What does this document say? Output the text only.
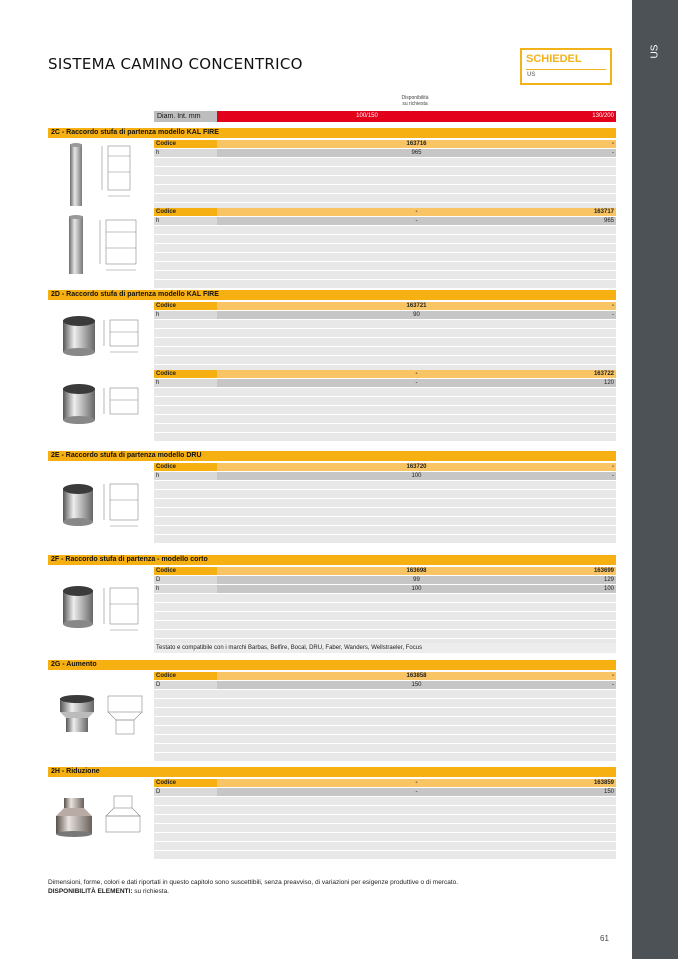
US
SISTEMA CAMINO CONCENTRICO	SCHIEDEL
US
Disponibilità
su richiesta
Diam. Int. mm	100/150	130/200
2C - Raccordo stufa di partenza modello KAL FIRE
Codice	163716	-
h	965	-
Codice	-	163717
h	-	965
2D - Raccordo stufa di partenza modello KAL FIRE
Codice	163721	-
h	90	-
Codice	-	163722
h	-	120
2E - Raccordo stufa di partenza modello DRU
Codice	163720	-
h	100	-
2F - Raccordo stufa di partenza - modello corto
Codice	163698	163699
D	99	129
h	100	100
Testato e compatibile con i marchi Barbas, Belfire, Bocal, DRU, Faber, Wanders, Wellstraeler, Focus
2G - Aumento
Codice	163858	-
D	150	-
2H - Riduzione
Codice	-	163859
D	-	150
Dimensioni, forme, colori e dati riportati in questo capitolo sono suscettibili, senza preavviso, di variazioni per esigenze produttive o di mercato.
DISPONIBILITÀ ELEMENTI: su richiesta.
61
